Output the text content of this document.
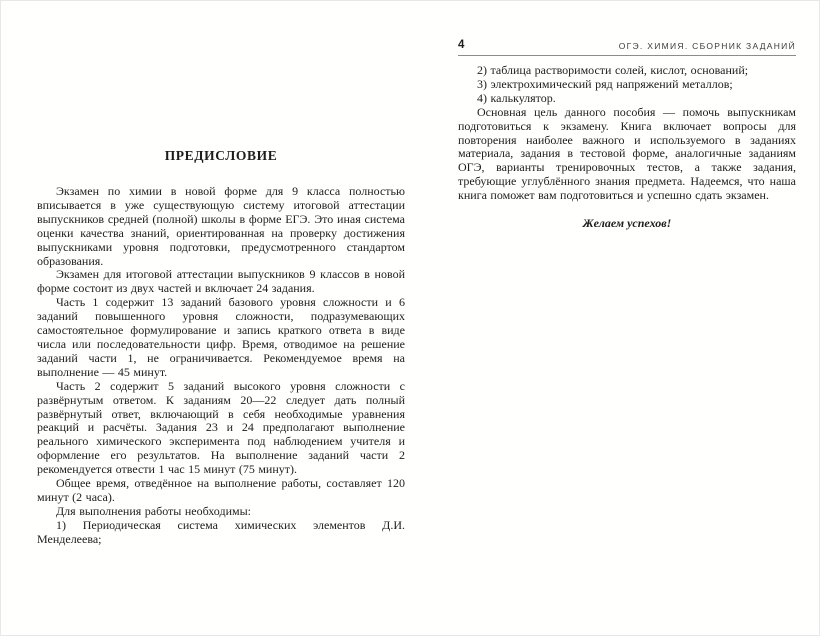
ПРЕДИСЛОВИЕ

Экзамен по химии в новой форме для 9 класса полностью вписывается в уже существующую систему итоговой аттестации выпускников средней (полной) школы в форме ЕГЭ. Это иная система оценки качества знаний, ориентированная на проверку достижения выпускниками уровня подготовки, предусмотренного стандартом образования.

Экзамен для итоговой аттестации выпускников 9 классов в новой форме состоит из двух частей и включает 24 задания.

Часть 1 содержит 13 заданий базового уровня сложности и 6 заданий повышенного уровня сложности, подразумевающих самостоятельное формулирование и запись краткого ответа в виде числа или последовательности цифр. Время, отводимое на решение заданий части 1, не ограничивается. Рекомендуемое время на выполнение — 45 минут.

Часть 2 содержит 5 заданий высокого уровня сложности с развёрнутым ответом. К заданиям 20—22 следует дать полный развёрнутый ответ, включающий в себя необходимые уравнения реакций и расчёты. Задания 23 и 24 предполагают выполнение реального химического эксперимента под наблюдением учителя и оформление его результатов. На выполнение заданий части 2 рекомендуется отвести 1 час 15 минут (75 минут).

Общее время, отведённое на выполнение работы, составляет 120 минут (2 часа).

Для выполнения работы необходимы:

1) Периодическая система химических элементов Д.И. Менделеева;

4	ОГЭ. ХИМИЯ. СБОРНИК ЗАДАНИЙ

2) таблица растворимости солей, кислот, оснований;

3) электрохимический ряд напряжений металлов;

4) калькулятор.

Основная цель данного пособия — помочь выпускникам подготовиться к экзамену. Книга включает вопросы для повторения наиболее важного и используемого в заданиях материала, задания в тестовой форме, аналогичные заданиям ОГЭ, варианты тренировочных тестов, а также задания, требующие углублённого знания предмета. Надеемся, что наша книга поможет вам подготовиться и успешно сдать экзамен.

Желаем успехов!
